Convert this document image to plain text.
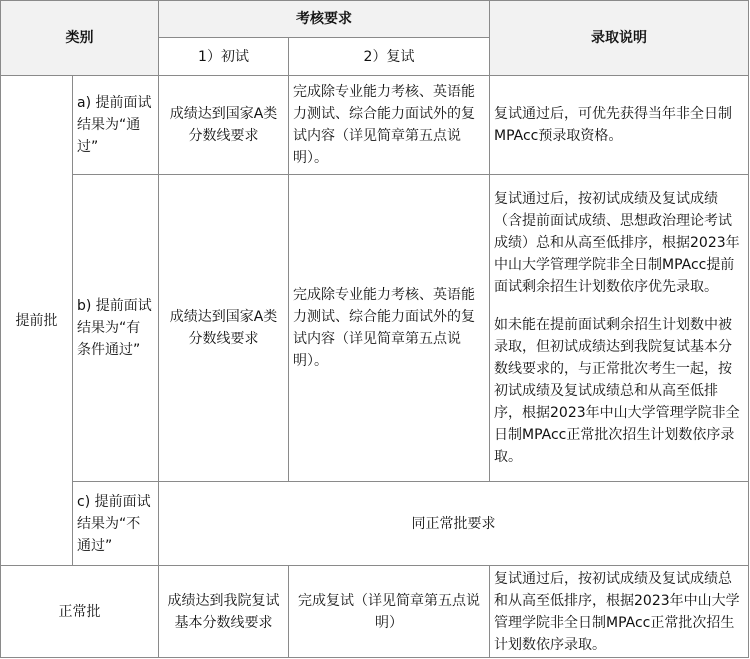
类别		考核要求		录取说明
		1）初试	2）复试	
提前批	a) 提前面试结果为“通过”	成绩达到国家A类分数线要求	完成除专业能力考核、英语能力测试、综合能力面试外的复试内容（详见简章第五点说明）。	复试通过后，可优先获得当年非全日制MPAcc预录取资格。
	b) 提前面试结果为“有条件通过”	成绩达到国家A类分数线要求	完成除专业能力考核、英语能力测试、综合能力面试外的复试内容（详见简章第五点说明）。	复试通过后，按初试成绩及复试成绩（含提前面试成绩、思想政治理论考试成绩）总和从高至低排序，根据2023年中山大学管理学院非全日制MPAcc提前面试剩余招生计划数依序优先录取。

如未能在提前面试剩余招生计划数中被录取，但初试成绩达到我院复试基本分数线要求的，与正常批次考生一起，按初试成绩及复试成绩总和从高至低排序，根据2023年中山大学管理学院非全日制MPAcc正常批次招生计划数依序录取。

	c) 提前面试结果为“不通过”	同正常批要求		
正常批		成绩达到我院复试基本分数线要求	完成复试（详见简章第五点说明）	复试通过后，按初试成绩及复试成绩总和从高至低排序，根据2023年中山大学管理学院非全日制MPAcc正常批次招生计划数依序录取。
